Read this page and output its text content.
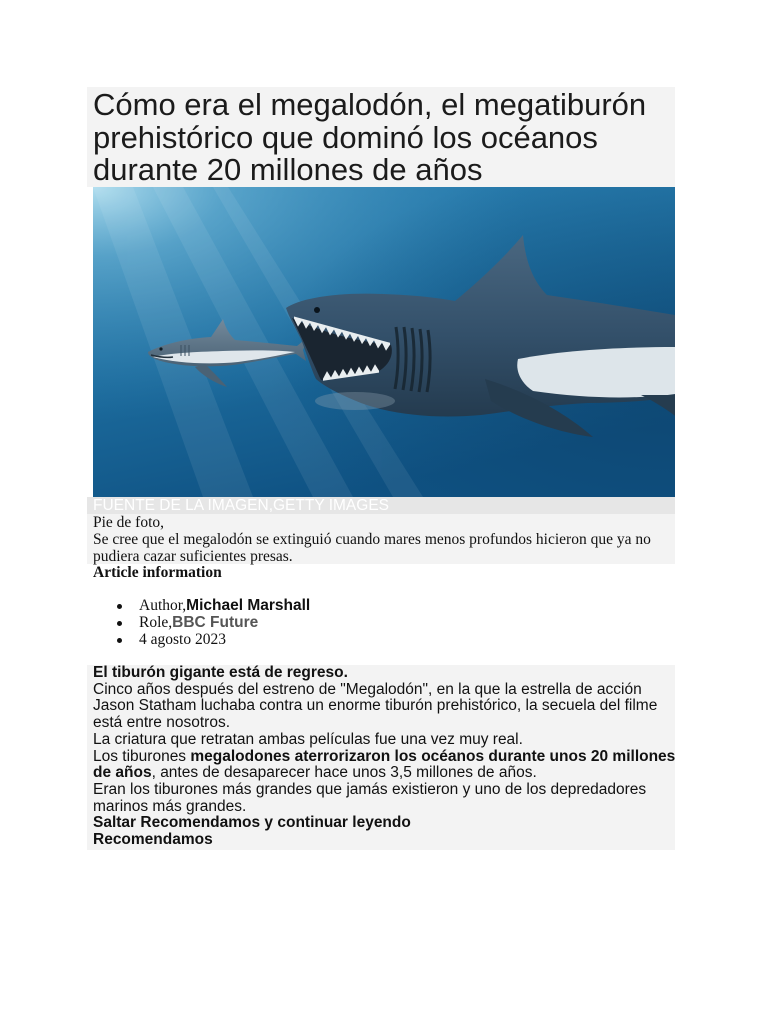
Cómo era el megalodón, el megatiburón prehistórico que dominó los océanos durante 20 millones de años
FUENTE DE LA IMAGEN,GETTY IMAGES
Pie de foto,
Se cree que el megalodón se extinguió cuando mares menos profundos hicieron que ya no pudiera cazar suficientes presas.
Article information
Author,Michael Marshall
Role,BBC Future
4 agosto 2023
El tiburón gigante está de regreso.

Cinco años después del estreno de "Megalodón", en la que la estrella de acción Jason Statham luchaba contra un enorme tiburón prehistórico, la secuela del filme está entre nosotros.

La criatura que retratan ambas películas fue una vez muy real.

Los tiburones megalodones aterrorizaron los océanos durante unos 20 millones de años, antes de desaparecer hace unos 3,5 millones de años.

Eran los tiburones más grandes que jamás existieron y uno de los depredadores marinos más grandes.

Saltar Recomendamos y continuar leyendo
Recomendamos
